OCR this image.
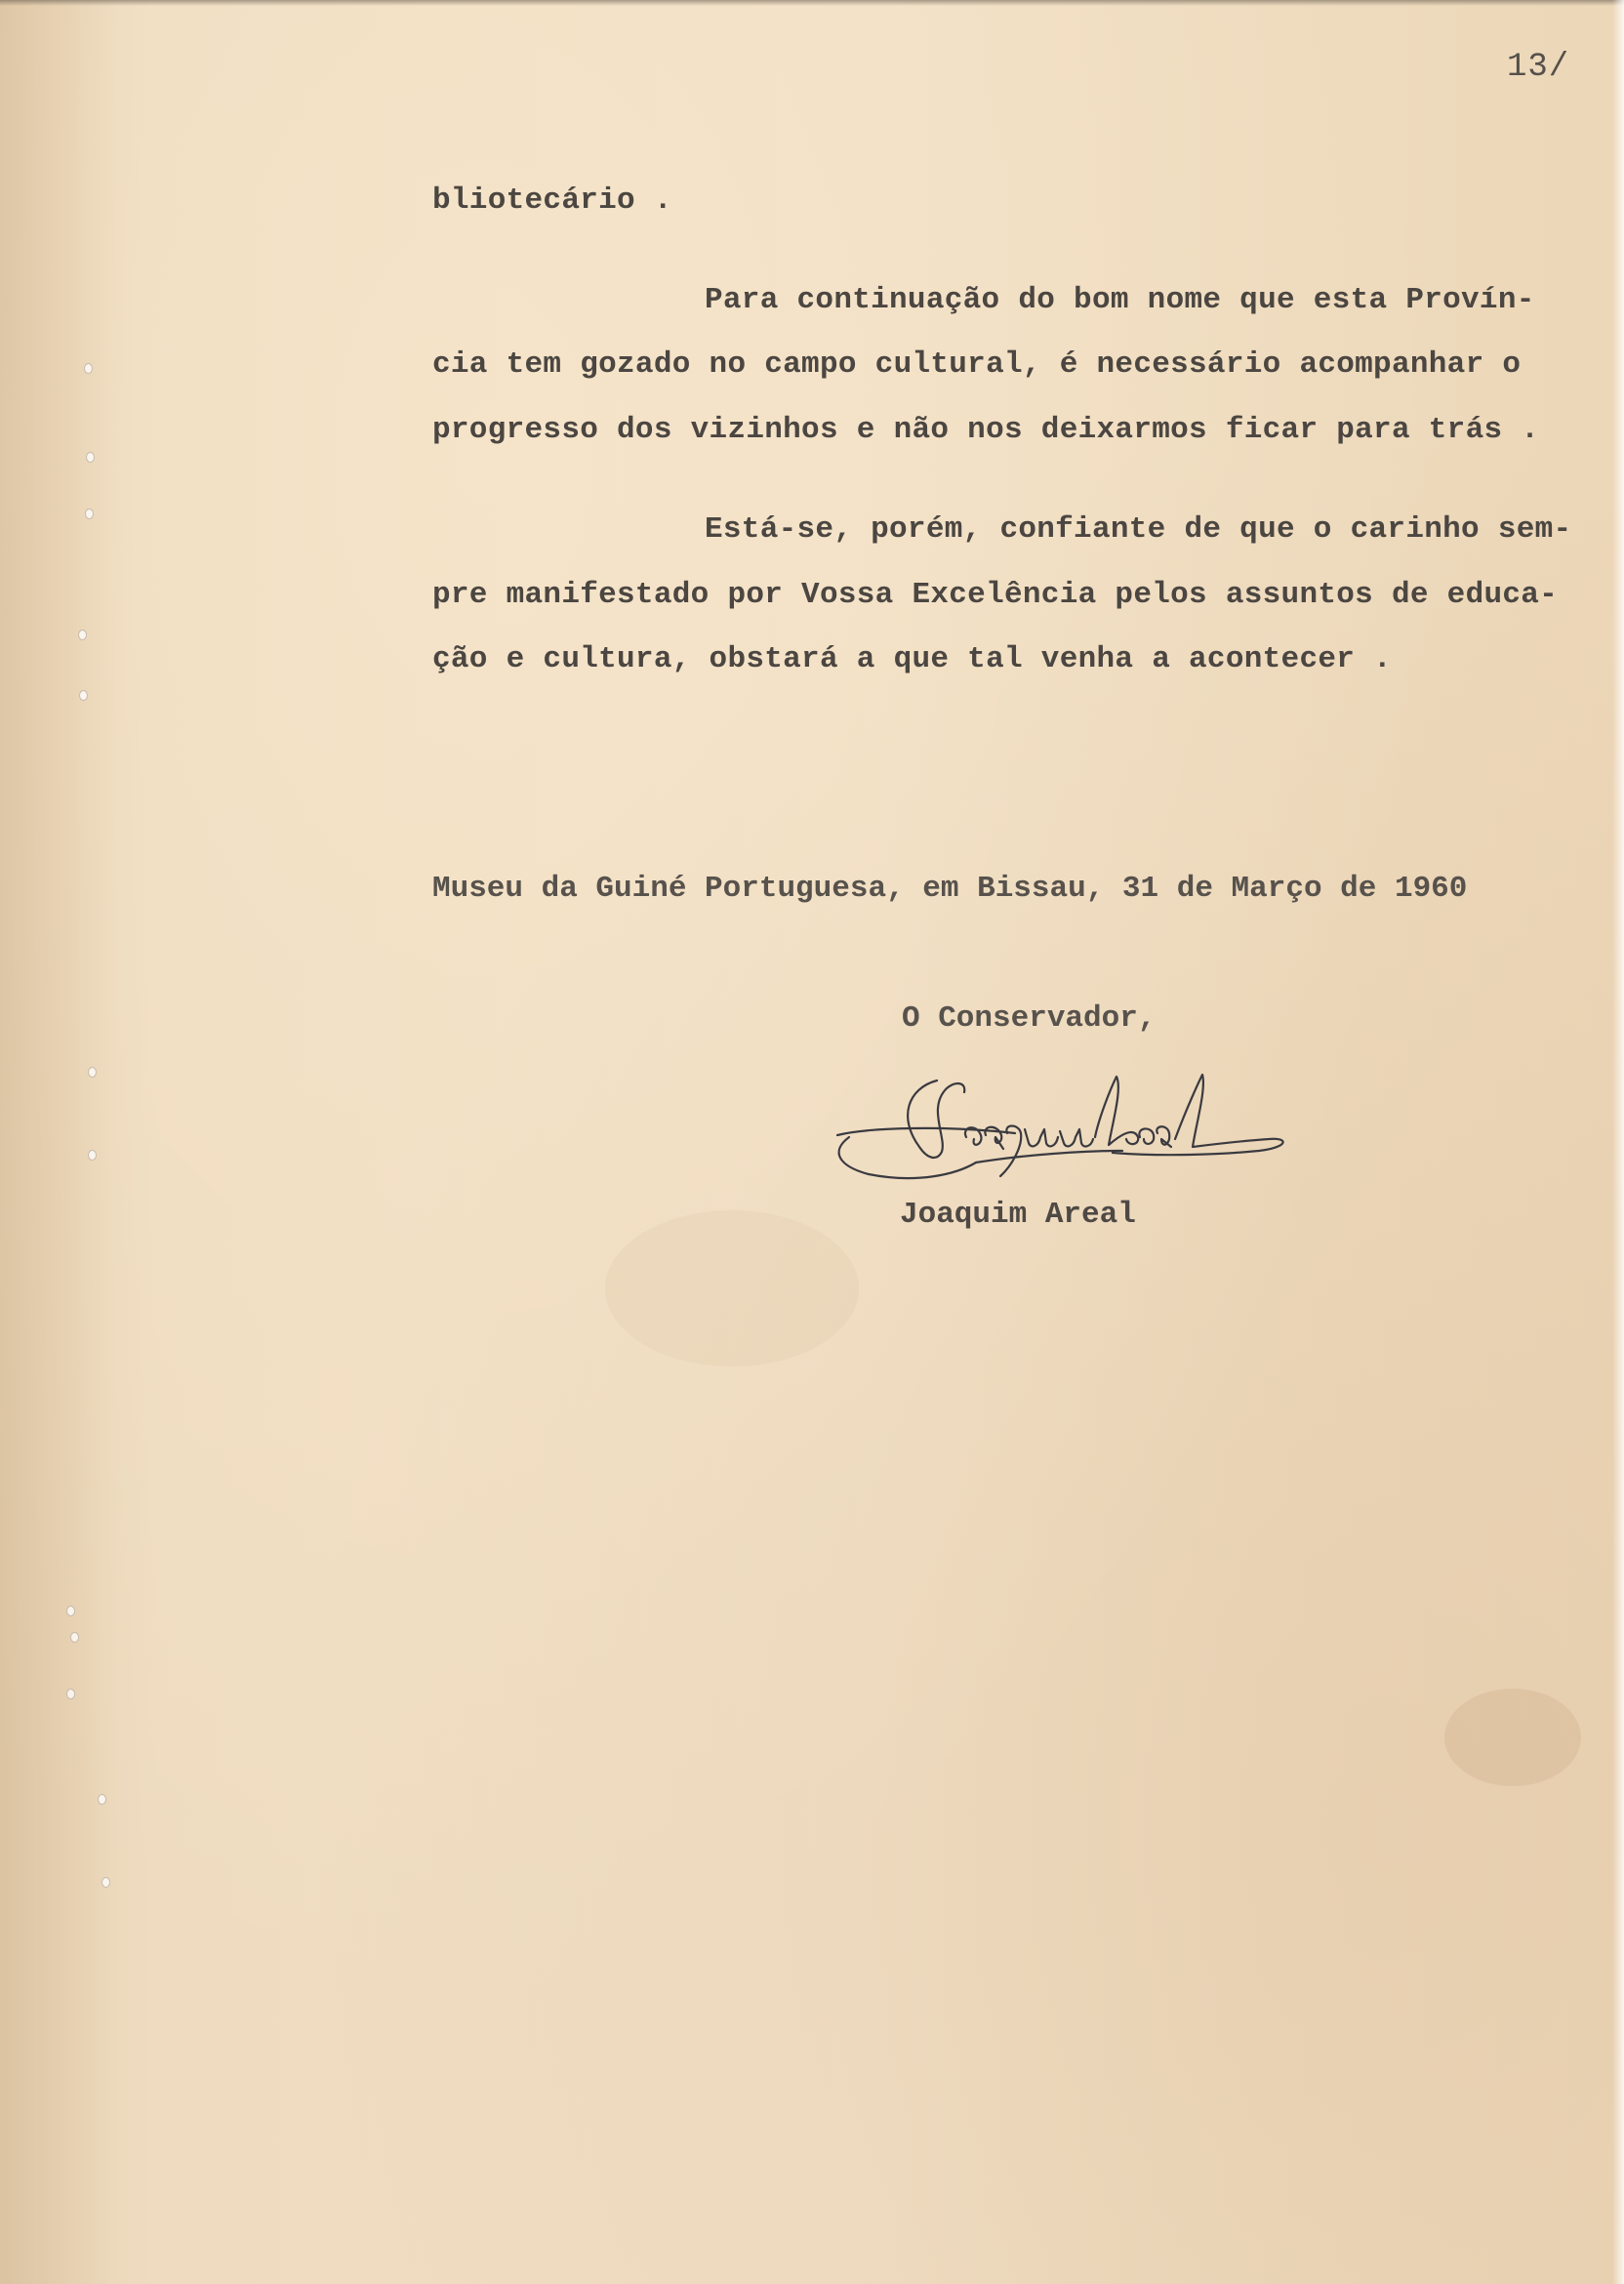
13/
bliotecário .
Para continuação do bom nome que esta Provín-
cia tem gozado no campo cultural, é necessário acompanhar o
progresso dos vizinhos e não nos deixarmos ficar para trás .
Está-se, porém, confiante de que o carinho sem-
pre manifestado por Vossa Excelência pelos assuntos de educa-
ção e cultura, obstará a que tal venha a acontecer .
Museu da Guiné Portuguesa, em Bissau, 31 de Março de 1960
O Conservador,
Joaquim Areal
